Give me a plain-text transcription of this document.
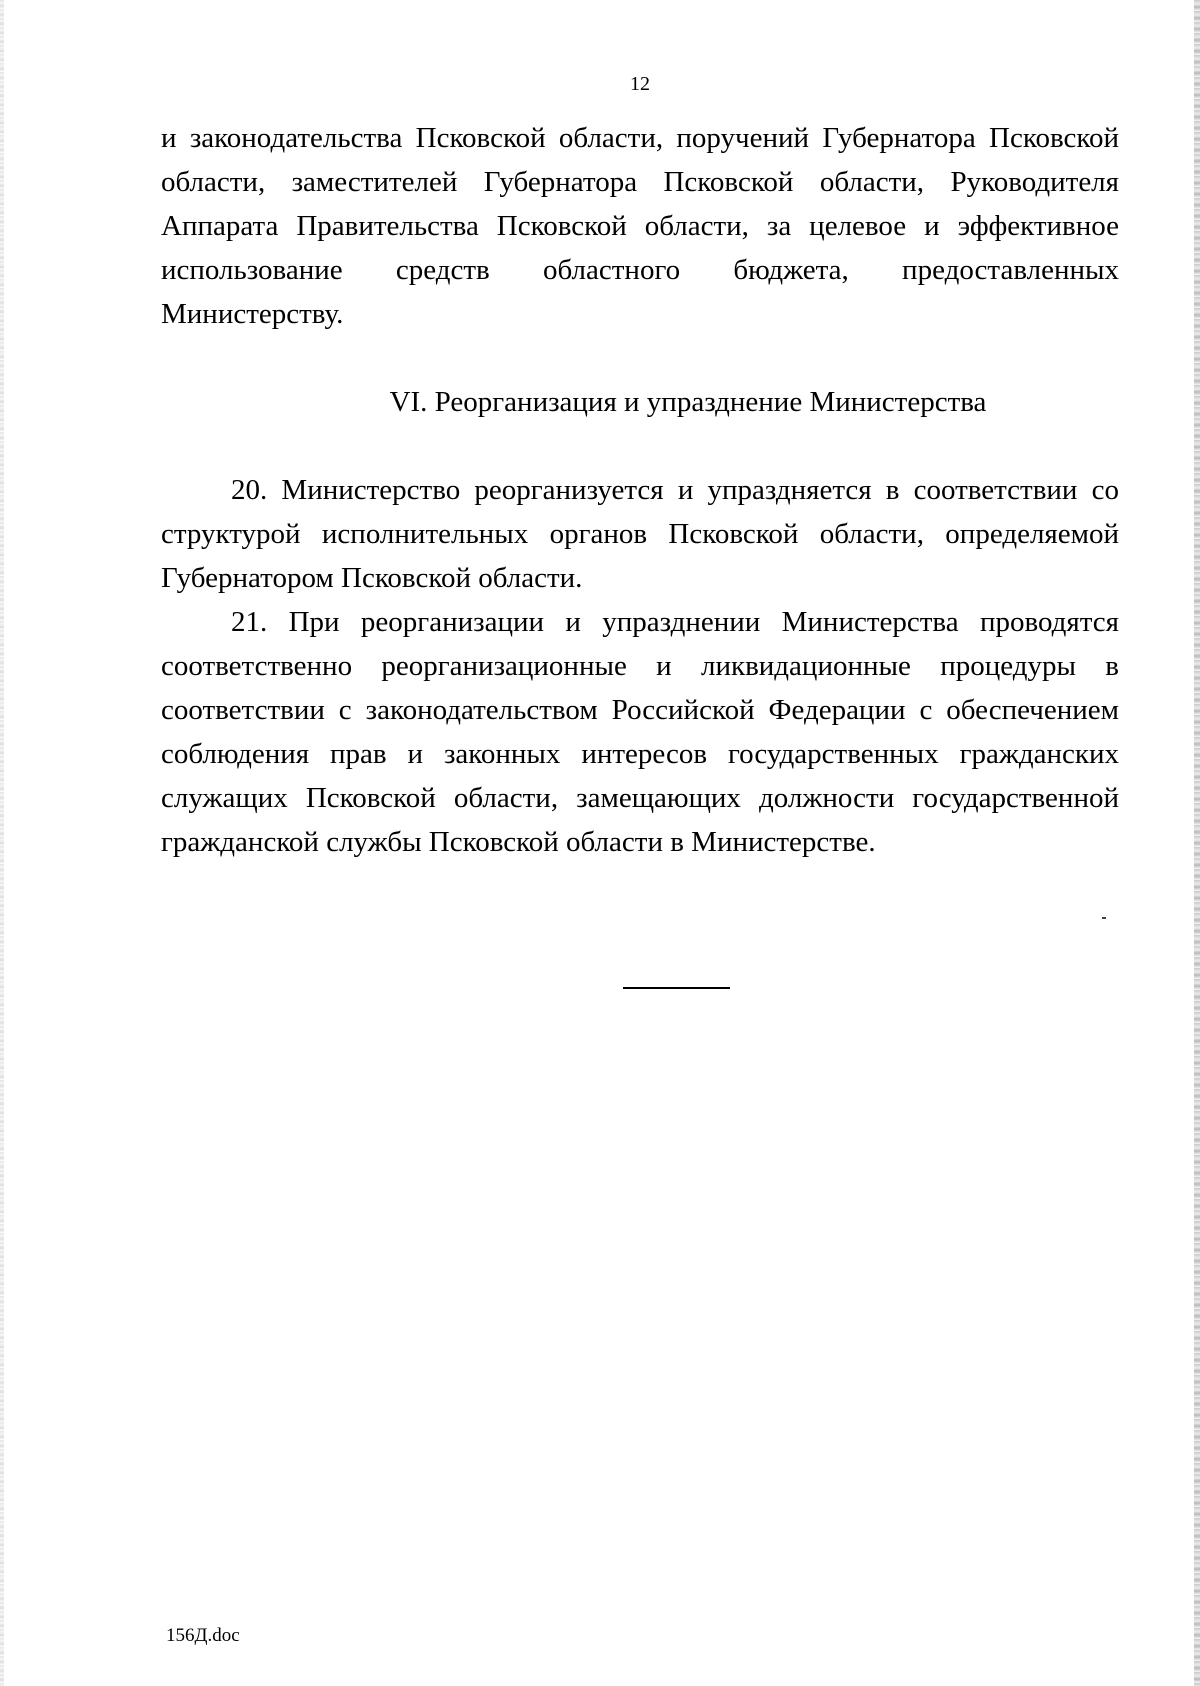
12

и законодательства Псковской области, поручений Губернатора Псковской области, заместителей Губернатора Псковской области, Руководителя Аппарата Правительства Псковской области, за целевое и эффективное использование средств областного бюджета, предоставленных Министерству.

VI. Реорганизация и упразднение Министерства

20. Министерство реорганизуется и упраздняется в соответствии со структурой исполнительных органов Псковской области, определяемой Губернатором Псковской области.

21. При реорганизации и упразднении Министерства проводятся соответственно реорганизационные и ликвидационные процедуры в соответствии с законодательством Российской Федерации с обеспечением соблюдения прав и законных интересов государственных гражданских служащих Псковской области, замещающих должности государственной гражданской службы Псковской области в Министерстве.

156Д.doc
